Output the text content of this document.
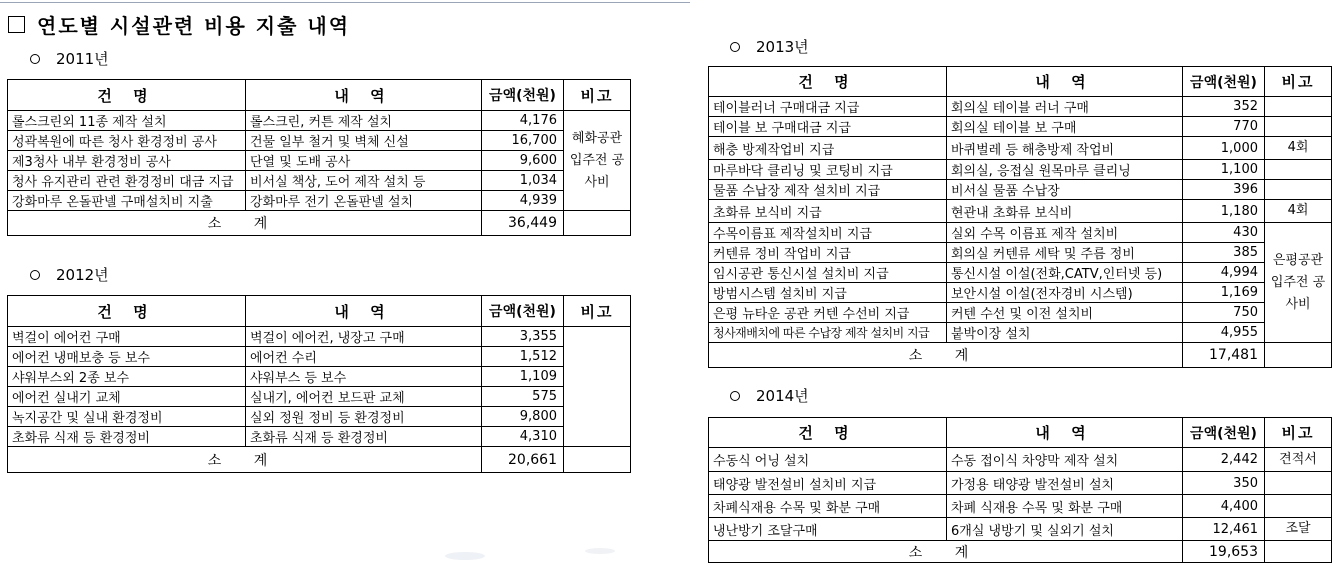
연도별 시설관련 비용 지출 내역
2011년
건 명	내 역	금액(천원)	비고
롤스크린외 11종 제작 설치	롤스크린, 커튼 제작 설치	4,176	혜화공관 입주전 공사비
성곽복원에 따른 청사 환경정비 공사	건물 일부 철거 및 벽체 신설	16,700	
제3청사 내부 환경정비 공사	단열 및 도배 공사	9,600	
청사 유지관리 관련 환경정비 대금 지급	비서실 책상, 도어 제작 설치 등	1,034	
강화마루 온돌판넬 구매설치비 지출	강화마루 전기 온돌판넬 설치	4,939	
소 계		36,449	
2012년
건 명	내 역	금액(천원)	비고
벽걸이 에어컨 구매	벽걸이 에어컨, 냉장고 구매	3,355	
에어컨 냉매보충 등 보수	에어컨 수리	1,512	
샤워부스외 2종 보수	샤워부스 등 보수	1,109	
에어컨 실내기 교체	실내기, 에어컨 보드판 교체	575	
녹지공간 및 실내 환경정비	실외 정원 정비 등 환경정비	9,800	
초화류 식재 등 환경정비	초화류 식재 등 환경정비	4,310	
소 계		20,661	
2013년
건 명	내 역	금액(천원)	비고
테이블러너 구매대금 지급	회의실 테이블 러너 구매	352	
테이블 보 구매대금 지급	회의실 테이블 보 구매	770	
해충 방제작업비 지급	바퀴벌레 등 해충방제 작업비	1,000	4회
마루바닥 클리닝 및 코팅비 지급	회의실, 응접실 원목마루 클리닝	1,100	
물품 수납장 제작 설치비 지급	비서실 물품 수납장	396	
초화류 보식비 지급	현관내 초화류 보식비	1,180	4회
수목이름표 제작설치비 지급	실외 수목 이름표 제작 설치비	430	은평공관 입주전 공사비
커텐류 정비 작업비 지급	회의실 커텐류 세탁 및 주름 정비	385	
임시공관 통신시설 설치비 지급	통신시설 이설(전화,CATV,인터넷 등)	4,994	
방범시스템 설치비 지급	보안시설 이설(전자경비 시스템)	1,169	
은평 뉴타운 공관 커텐 수선비 지급	커텐 수선 및 이전 설치비	750	
청사재배치에 따른 수납장 제작 설치비 지급	붙박이장 설치	4,955	
소 계		17,481	
2014년
건 명	내 역	금액(천원)	비고
수동식 어닝 설치	수동 접이식 차양막 제작 설치	2,442	견적서
태양광 발전설비 설치비 지급	가정용 태양광 발전설비 설치	350	
차폐식재용 수목 및 화분 구매	차폐 식재용 수목 및 화분 구매	4,400	
냉난방기 조달구매	6개실 냉방기 및 실외기 설치	12,461	조달
소 계		19,653	
